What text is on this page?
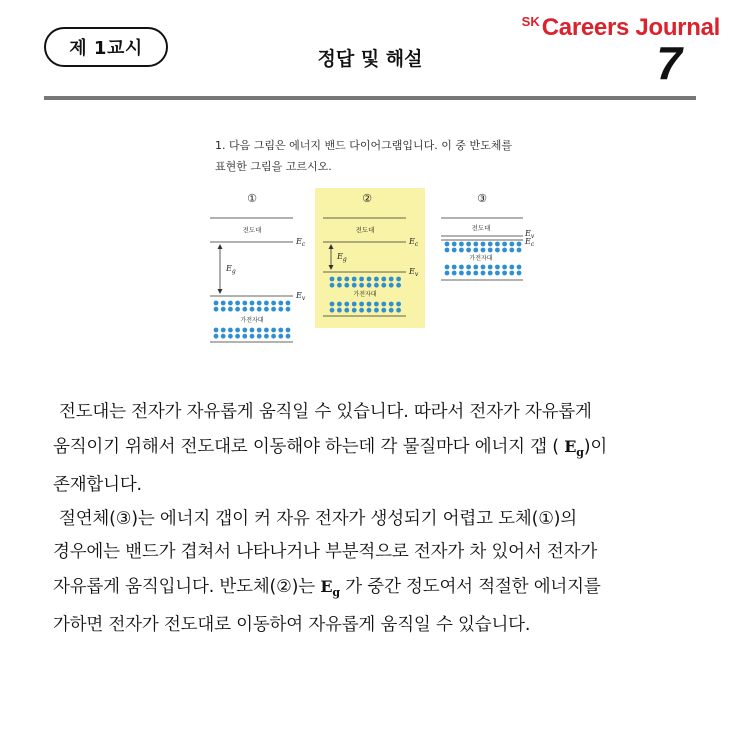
제 1교시	정답 및 해설
$^{SK}$Careers Journal
7
1. 다음 그림은 에너지 밴드 다이어그램입니다. 이 중 반도체를
표현한 그림을 고르시오.
①
전도대
$E_c$
$E_g$
$E_v$
가전자대
②
전도대
$E_c$
$E_g$
$E_v$
가전자대
③
전도대
$E_v$
$E_c$
가전자대

전도대는 전자가 자유롭게 움직일 수 있습니다. 따라서 전자가 자유롭게

움직이기 위해서 전도대로 이동해야 하는데 각 물질마다 에너지 갭 ( $E_g$)이

존재합니다.

절연체(③)는 에너지 갭이 커 자유 전자가 생성되기 어렵고 도체(①)의

경우에는 밴드가 겹쳐서 나타나거나 부분적으로 전자가 차 있어서 전자가

자유롭게 움직입니다. 반도체(②)는 $E_g$ 가 중간 정도여서 적절한 에너지를

가하면 전자가 전도대로 이동하여 자유롭게 움직일 수 있습니다.
